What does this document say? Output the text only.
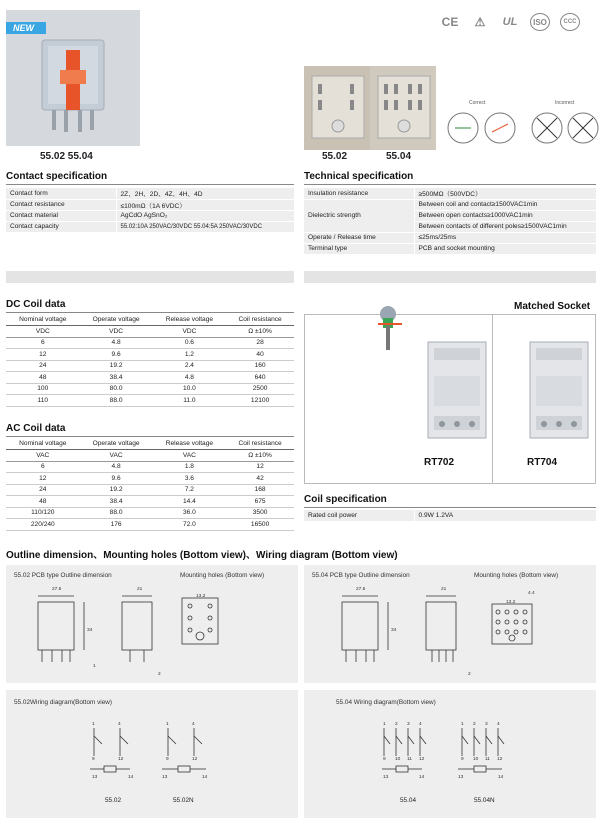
NEW
55.02 55.04	55.02	55.04
CE	⚠	UL	ISO	CCC
Correct	Incorrect
Contact specification
Contact form	2Z、2H、2D、4Z、4H、4D
Contact resistance	≤100mΩ（1A 6VDC）
Contact material	AgCdO AgSnO₂
Contact capacity	55.02:10A 250VAC/30VDC 55.04:5A 250VAC/30VDC
Technical specification
Insulation resistance	≥500MΩ（500VDC）
Dielectric strength	Between coil and contact≥1500VAC1min
	Between open contacts≥1000VAC1min
	Between contacts of different poles≥1500VAC1min
Operate / Release time	≤25ms/25ms
Terminal type	PCB and socket mounting
DC Coil data
Nominal voltage	Operate voltage	Release voltage	Coil resistance
VDC	VDC	VDC	Ω ±10%
6	4.8	0.6	28
12	9.6	1.2	40
24	19.2	2.4	160
48	38.4	4.8	640
100	80.0	10.0	2500
110	88.0	11.0	12100
AC Coil data
Nominal voltage	Operate voltage	Release voltage	Coil resistance
VAC	VAC	VAC	Ω ±10%
6	4.8	1.8	12
12	9.6	3.6	42
24	19.2	7.2	168
48	38.4	14.4	675
110/120	88.0	36.0	3500
220/240	176	72.0	16500
Matched Socket
RT702	RT704
Coil specification
Rated coil power	0.9W 1.2VA
Outline dimension、Mounting holes (Bottom view)、Wiring diagram (Bottom view)
55.02 PCB type Outline dimension	Mounting holes (Bottom view)	55.04 PCB type Outline dimension	Mounting holes (Bottom view)
55.02Wiring diagram(Bottom view)	55.04 Wiring diagram(Bottom view)
27.5
34
1
21
2
13.2
27.5
34
21
2
4.4
13.2
1	4
9	12
13	14
1	4
9	12
13	14
55.02	55.02N
1 2 3 4
9 10 11 12
13	14
1 2 3 4
9 10 11 12
13	14
55.04	55.04N
